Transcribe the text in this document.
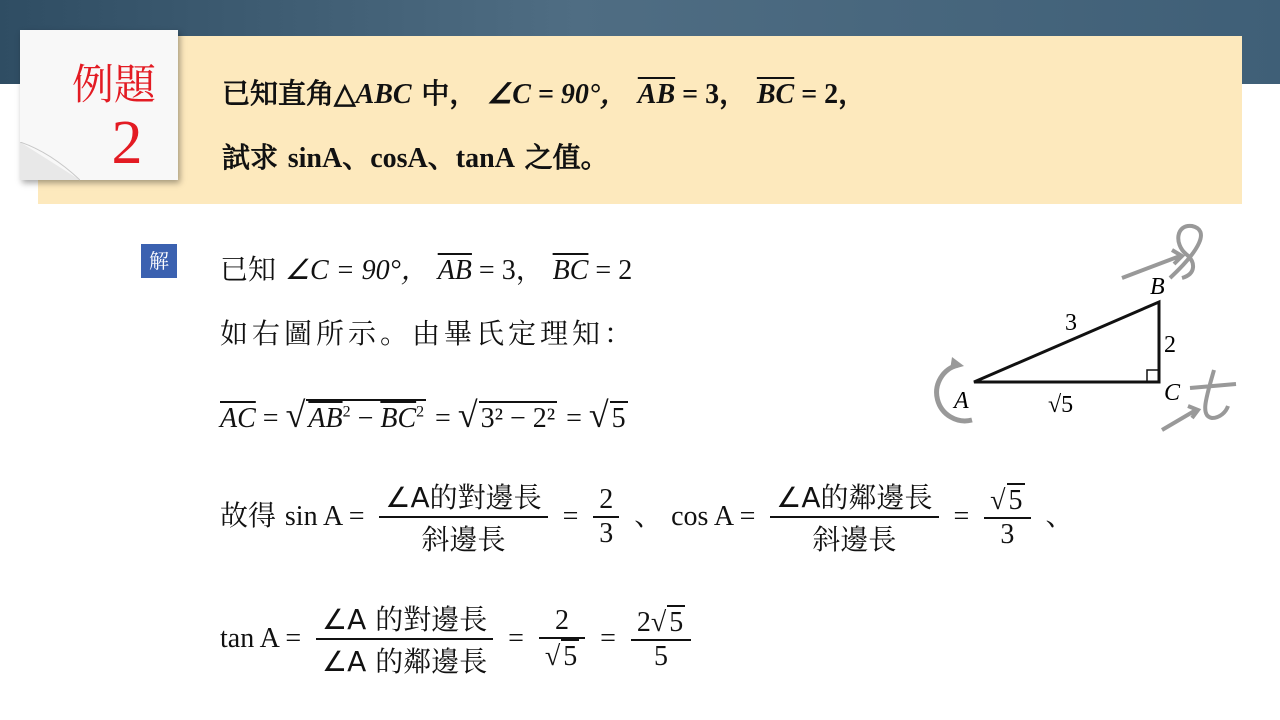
例題
2
已知直角△ABC 中， ∠C = 90°， $\overline{AB} = 3$， $\overline{BC} = 2$，
試求 sinA、cosA、tanA 之值。
解 已知 ∠C = 90°， $\overline{AB} = 3$， $\overline{BC} = 2$
如右圖所示。由畢氏定理知：
$\overline{AC}$ = √ $AB^2 - \overline{BC}^2$ = √ 3² − 2² = √ 5
故得 $\sin A = \frac{\text{∠A的對邊長}}{\text{斜邊長}} = \frac{2}{3}$ 、 $\cos A = \frac{\text{∠A的鄰邊長}}{\text{斜邊長}} = \frac{√ 5}{3}$ 、
$\tan A = \frac{\text{∠A 的對邊長}}{\text{∠A 的鄰邊長}} = \frac{2}{√ 5} = \frac{2√ 5}{5}$
A
B
C
3
2
√5
